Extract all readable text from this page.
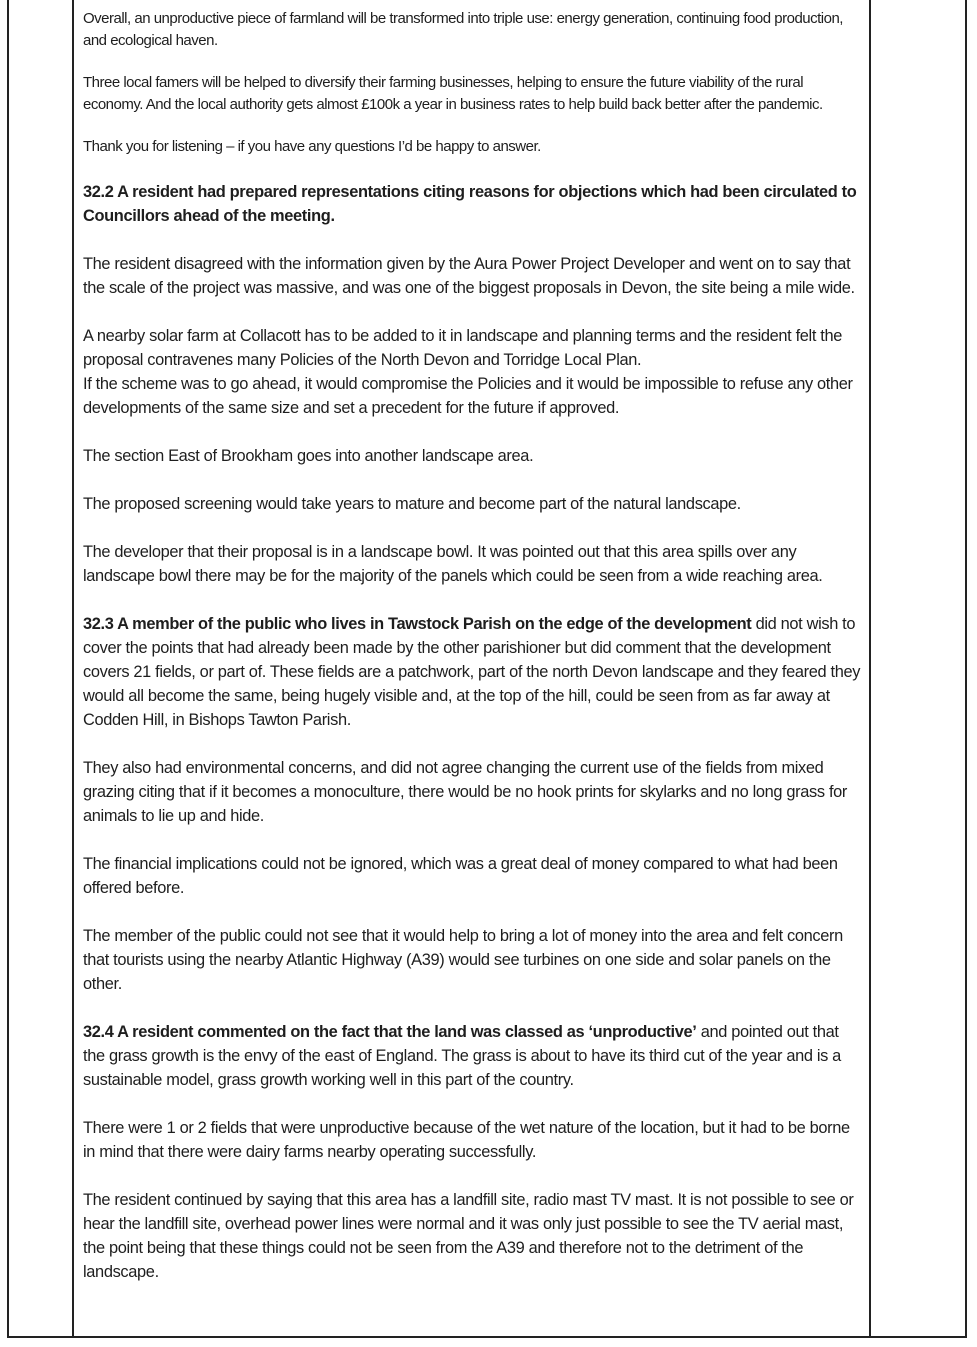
Overall, an unproductive piece of farmland will be transformed into triple use: energy generation, continuing food production, and ecological haven.

Three local famers will be helped to diversify their farming businesses, helping to ensure the future viability of the rural economy. And the local authority gets almost £100k a year in business rates to help build back better after the pandemic.

Thank you for listening – if you have any questions I’d be happy to answer.

32.2 A resident had prepared representations citing reasons for objections which had been circulated to Councillors ahead of the meeting.

The resident disagreed with the information given by the Aura Power Project Developer and went on to say that the scale of the project was massive, and was one of the biggest proposals in Devon, the site being a mile wide.

A nearby solar farm at Collacott has to be added to it in landscape and planning terms and the resident felt the proposal contravenes many Policies of the North Devon and Torridge Local Plan.

If the scheme was to go ahead, it would compromise the Policies and it would be impossible to refuse any other developments of the same size and set a precedent for the future if approved.

The section East of Brookham goes into another landscape area.

The proposed screening would take years to mature and become part of the natural landscape.

The developer that their proposal is in a landscape bowl. It was pointed out that this area spills over any landscape bowl there may be for the majority of the panels which could be seen from a wide reaching area.

32.3 A member of the public who lives in Tawstock Parish on the edge of the development did not wish to cover the points that had already been made by the other parishioner but did comment that the development covers 21 fields, or part of. These fields are a patchwork, part of the north Devon landscape and they feared they would all become the same, being hugely visible and, at the top of the hill, could be seen from as far away at Codden Hill, in Bishops Tawton Parish.

They also had environmental concerns, and did not agree changing the current use of the fields from mixed grazing citing that if it becomes a monoculture, there would be no hook prints for skylarks and no long grass for animals to lie up and hide.

The financial implications could not be ignored, which was a great deal of money compared to what had been offered before.

The member of the public could not see that it would help to bring a lot of money into the area and felt concern that tourists using the nearby Atlantic Highway (A39) would see turbines on one side and solar panels on the other.

32.4 A resident commented on the fact that the land was classed as ‘unproductive’ and pointed out that the grass growth is the envy of the east of England. The grass is about to have its third cut of the year and is a sustainable model, grass growth working well in this part of the country.

There were 1 or 2 fields that were unproductive because of the wet nature of the location, but it had to be borne in mind that there were dairy farms nearby operating successfully.

The resident continued by saying that this area has a landfill site, radio mast TV mast. It is not possible to see or hear the landfill site, overhead power lines were normal and it was only just possible to see the TV aerial mast, the point being that these things could not be seen from the A39 and therefore not to the detriment of the landscape.
